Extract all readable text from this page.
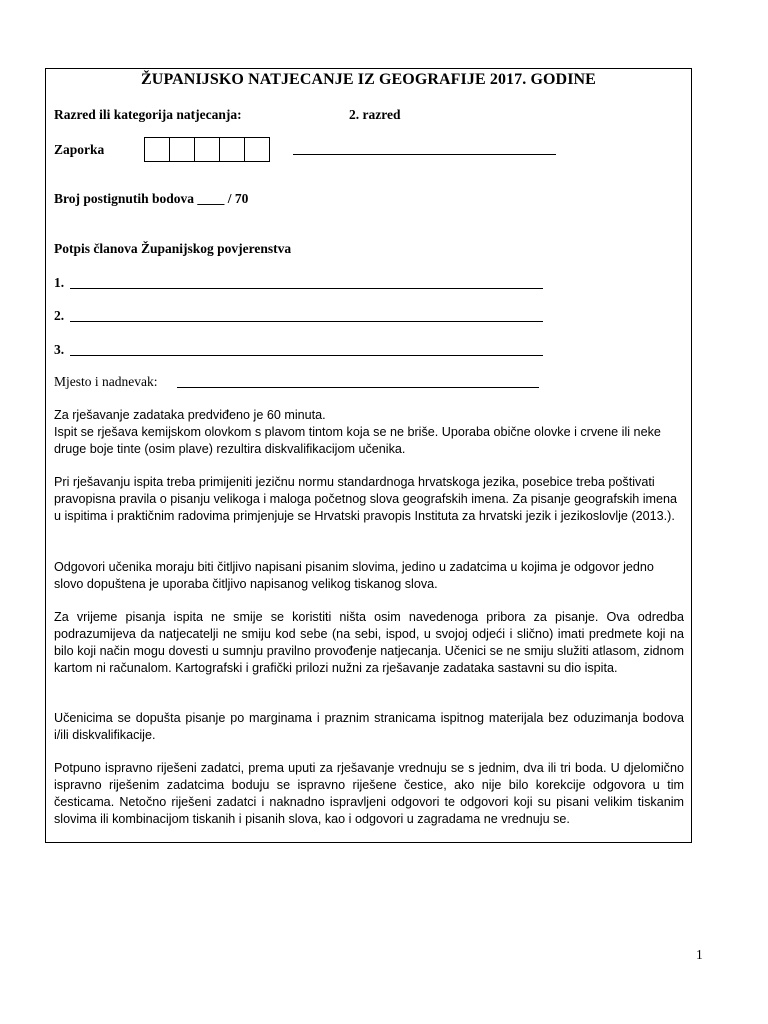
ŽUPANIJSKO NATJECANJE IZ GEOGRAFIJE 2017. GODINE
Razred ili kategorija natjecanja:	2. razred
Zaporka
Broj postignutih bodova ____ / 70
Potpis članova Županijskog povjerenstva
1.
2.
3.
Mjesto i nadnevak:

Za rješavanje zadataka predviđeno je 60 minuta.
Ispit se rješava kemijskom olovkom s plavom tintom koja se ne briše. Uporaba obične olovke i crvene ili neke druge boje tinte (osim plave) rezultira diskvalifikacijom učenika.

Pri rješavanju ispita treba primijeniti jezičnu normu standardnoga hrvatskoga jezika, posebice treba poštivati pravopisna pravila o pisanju velikoga i maloga početnog slova geografskih imena. Za pisanje geografskih imena u ispitima i praktičnim radovima primjenjuje se Hrvatski pravopis Instituta za hrvatski jezik i jezikoslovlje (2013.).

Odgovori učenika moraju biti čitljivo napisani pisanim slovima, jedino u zadatcima u kojima je odgovor jedno slovo dopuštena je uporaba čitljivo napisanog velikog tiskanog slova.

Za vrijeme pisanja ispita ne smije se koristiti ništa osim navedenoga pribora za pisanje. Ova odredba podrazumijeva da natjecatelji ne smiju kod sebe (na sebi, ispod, u svojoj odjeći i slično) imati predmete koji na bilo koji način mogu dovesti u sumnju pravilno provođenje natjecanja. Učenici se ne smiju služiti atlasom, zidnom kartom ni računalom. Kartografski i grafički prilozi nužni za rješavanje zadataka sastavni su dio ispita.

Učenicima se dopušta pisanje po marginama i praznim stranicama ispitnog materijala bez oduzimanja bodova i/ili diskvalifikacije.

Potpuno ispravno riješeni zadatci, prema uputi za rješavanje vrednuju se s jednim, dva ili tri boda. U djelomično ispravno riješenim zadatcima boduju se ispravno riješene čestice, ako nije bilo korekcije odgovora u tim česticama. Netočno riješeni zadatci i naknadno ispravljeni odgovori te odgovori koji su pisani velikim tiskanim slovima ili kombinacijom tiskanih i pisanih slova, kao i odgovori u zagradama ne vrednuju se.

1
